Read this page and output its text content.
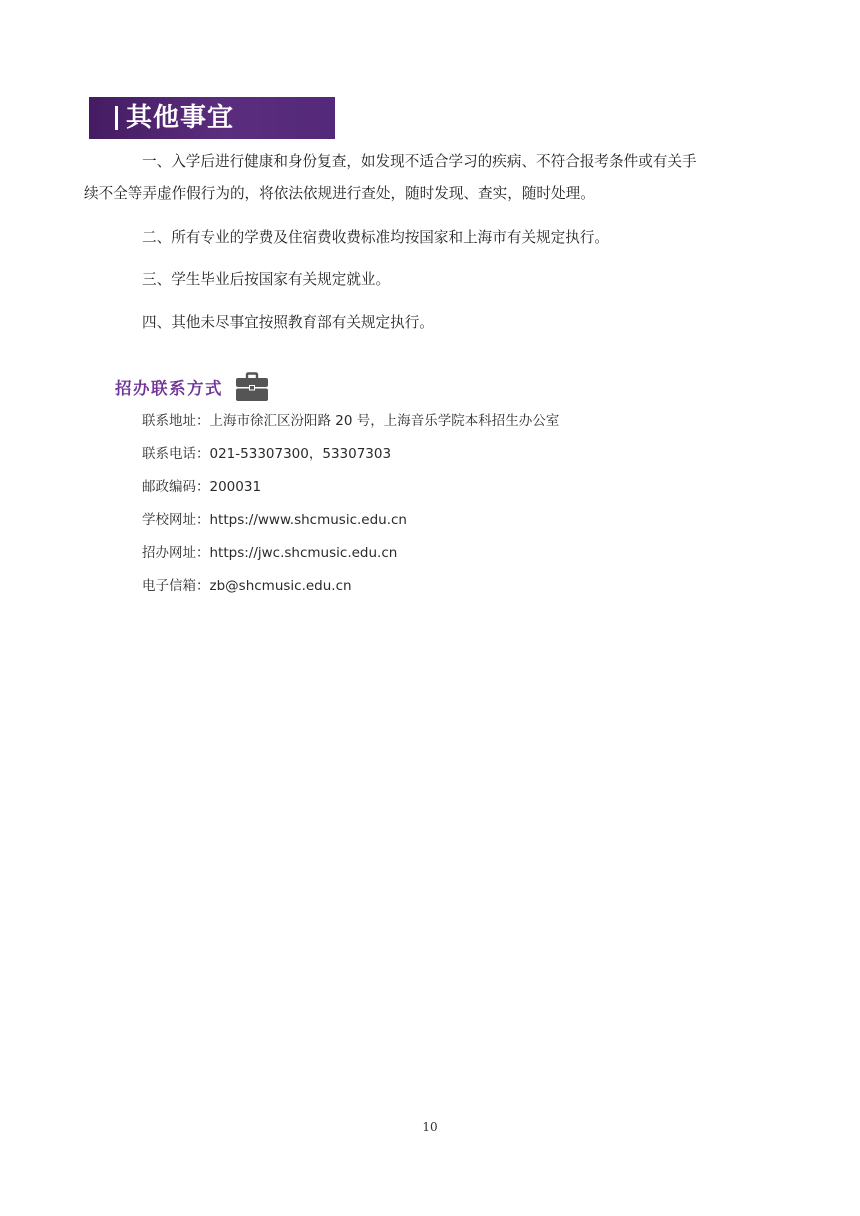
其他事宜

一、入学后进行健康和身份复查，如发现不适合学习的疾病、不符合报考条件或有关手
续不全等弄虚作假行为的，将依法依规进行查处，随时发现、查实，随时处理。

二、所有专业的学费及住宿费收费标准均按国家和上海市有关规定执行。

三、学生毕业后按国家有关规定就业。

四、其他未尽事宜按照教育部有关规定执行。

招办联系方式
联系地址：上海市徐汇区汾阳路 20 号，上海音乐学院本科招生办公室
联系电话：021-53307300，53307303
邮政编码：200031
学校网址：https://www.shcmusic.edu.cn
招办网址：https://jwc.shcmusic.edu.cn
电子信箱：zb@shcmusic.edu.cn
10
